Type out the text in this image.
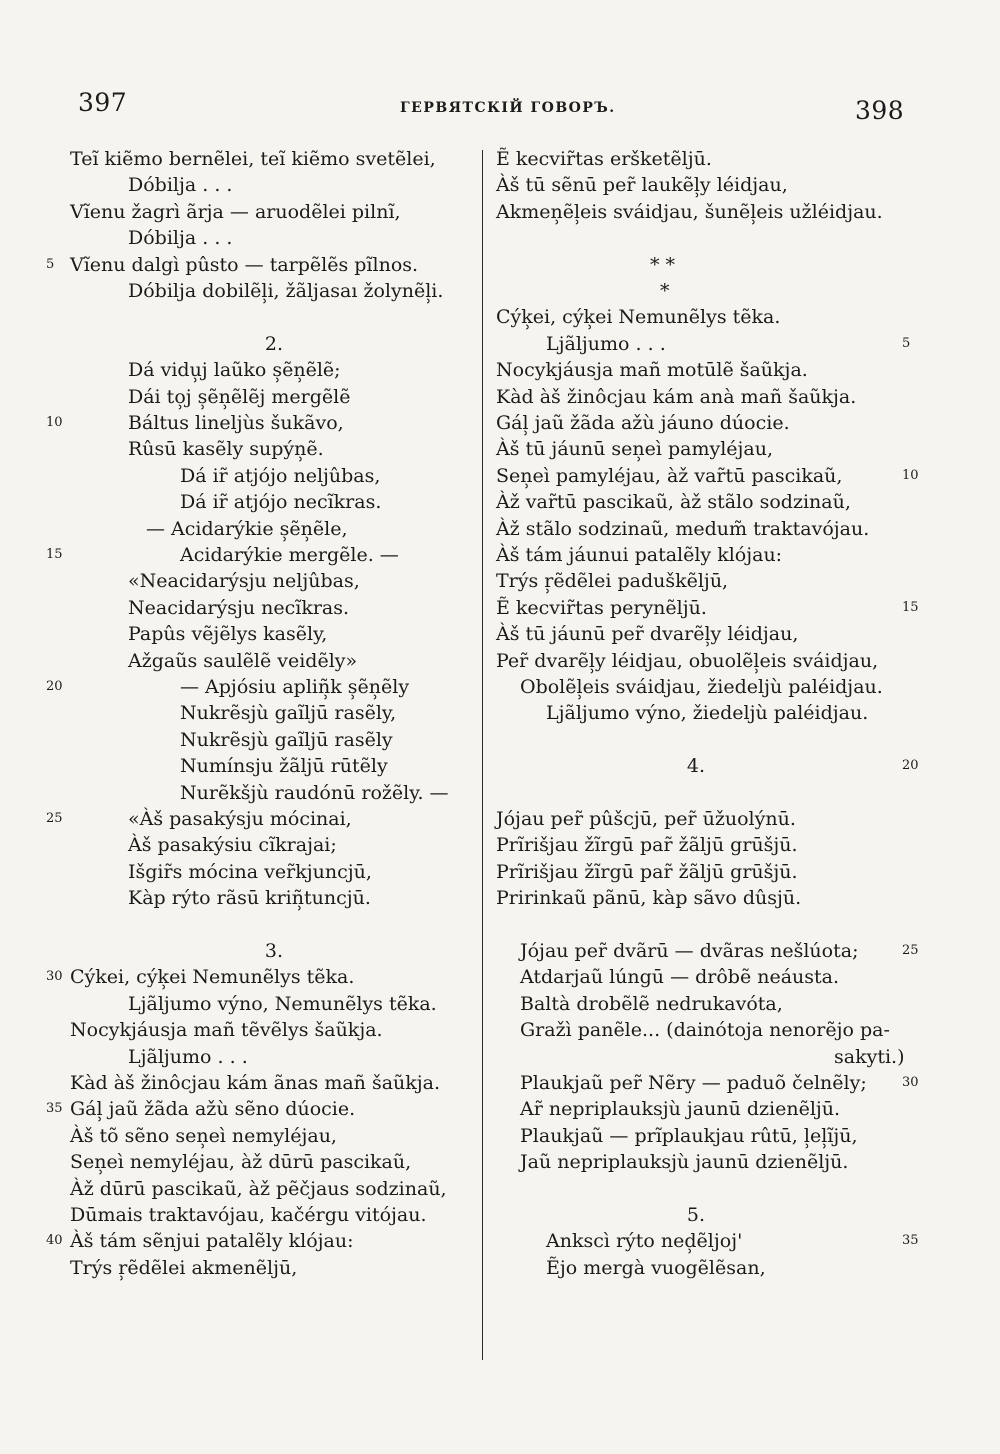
397	ГЕРВЯТСКІЙ ГОВОРЪ.	398
Teı̃ kiẽmo bernẽlei, teı̃ kiẽmo svetẽlei,
Dóbilja . . .
Vı̃enu žagrì ãrja — aruodẽlei pilnı̃,
Dóbilja . . .
Vı̃enu dalgì pûsto — tarpẽlẽs pı̃lnos.
5
Dóbilja dobilẽl̹i, žãljasaı žolynẽl̹i.
2.
Dá vidu̹j laũko s̹ẽn̹ẽlẽ;
Dái to̹j s̹ẽn̹ẽlẽj mergẽlẽ
Báltus lineljùs šukãvo,
10
Rûsū kasẽly supýn̹ẽ.
Dá ir̃ atjójo neljûbas,
Dá ir̃ atjójo necı̃kras.
— Acidarýkie s̹ẽn̹ẽle,
Acidarýkie mergẽle. —
15
«Neacidarýsju neljûbas,
Neacidarýsju necı̃kras.
Papûs vẽjẽlys kasẽly,
Ažgaũs saulẽlẽ veidẽly»
— Apjósiu apliñ̹k s̹ẽn̹ẽly
20
Nukrẽsjù gaı̃ljū rasẽly,
Nukrẽsjù gaı̃ljū rasẽly
Numı́nsju žãljū rūtẽly
Nurẽkšjù raudónū rožẽly. —
«Àš pasakýsju mócinai,
25
Àš pasakýsiu cı̃krajai;
Išgir̃s mócina ver̃kjuncjū,
Kàp rýto rãsū kriñ̹tuncjū.
3.
Cýkei, cýk̹ei Nemunẽlys tẽka.
30
Ljãljumo výno, Nemunẽlys tẽka.
Nocykjáusja mañ tẽvẽlys šaũkja.
Ljãljumo . . .
Kàd àš žinôcjau kám ãnas mañ šaũkja.
Gál̹ jaũ žãda ažù sẽno dúocie.
35
Àš tõ sẽno sen̹eı̀ nemyléjau,
Sen̹eı̀ nemyléjau, àž dūrū pascikaũ,
Àž dūrū pascikaũ, àž pẽčjaus sodzinaũ,
Dūmais traktavójau, kačérgu vitójau.
Àš tám sẽnjui patalẽly klójau:
40
Trýs r̹ẽdẽlei akmenẽljū,
Ẽ kecvir̃tas eršketẽljū.
Àš tū sẽnū per̃ laukẽl̹y léidjau,
Akmen̹ẽl̹eis sváidjau, šunẽl̹eis užléidjau.
* *
*
Cýk̹ei, cýk̹ei Nemunẽlys tẽka.
Ljãljumo . . .	5
Nocykjáusja mañ motūlẽ šaũkja.
Kàd àš žinôcjau kám anà mañ šaũkja.
Gál̹ jaũ žãda ažù jáuno dúocie.
Àš tū jáunū sen̹eı̀ pamyléjau,
Sen̹eı̀ pamyléjau, àž var̃tū pascikaũ,	10
Àž var̃tū pascikaũ, àž stãlo sodzinaũ,
Àž stãlo sodzinaũ, medum̃ traktavójau.
Àš tám jáunui patalẽly klójau:
Trýs r̹ẽdẽlei paduškẽljū,
Ẽ kecvir̃tas perynẽljū.	15
Àš tū jáunū per̃ dvarẽl̹y léidjau,
Per̃ dvarẽl̹y léidjau, obuolẽl̹eis sváidjau,
Obolẽl̹eis sváidjau, žiedeljù paléidjau.
Ljãljumo výno, žiedeljù paléidjau.
4.	20
Jójau per̃ pûšcjū, per̃ ūžuolýnū.
Prı̃rišjau žı̃rgū par̃ žãljū grūšjū.
Prı̃rišjau žı̃rgū par̃ žãljū grūšjū.
Pririnkaũ pãnū, kàp sãvo dûsjū.
Jójau per̃ dvãrū — dvãras nešlúota;	25
Atdarjaũ lúngū — drôbẽ neáusta.
Baltà drobẽlẽ nedrukavóta,
Gražı̀ panẽle... (dainótoja nenorẽjo pa-
sakyti.)
Plaukjaũ per̃ Nẽry — paduõ čelnẽly;	30
Ar̃ nepriplauksjù jaunū dzienẽljū.
Plaukjaũ — prı̃plaukjau rûtū, l̹el̹ı̃jū,
Jaũ nepriplauksjù jaunū dzienẽljū.
5.
Ankscı̀ rýto ned̹ẽljoj'	35
Ẽjo mergà vuogẽlẽsan,
